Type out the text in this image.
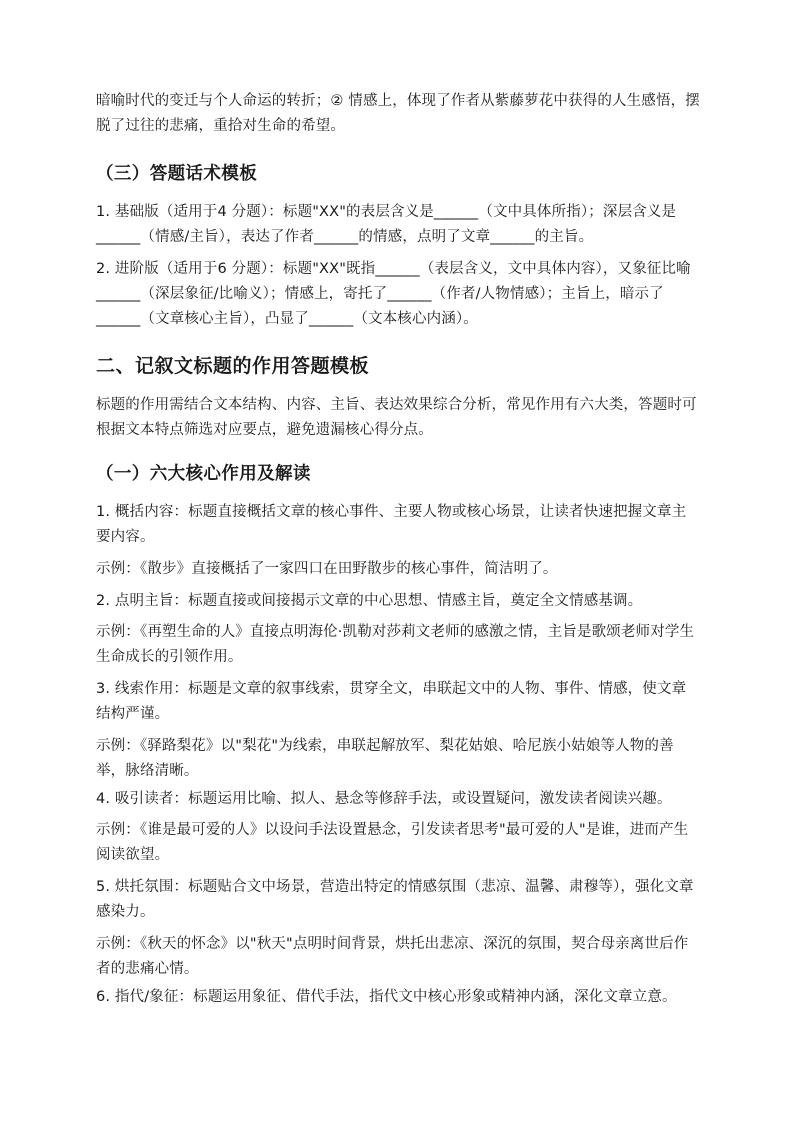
暗喻时代的变迁与个人命运的转折；② 情感上，体现了作者从紫藤萝花中获得的人生感悟，摆脱了过往的悲痛，重拾对生命的希望。

（三）答题话术模板

1. 基础版（适用于4 分题）：标题"XX"的表层含义是______（文中具体所指）；深层含义是______（情感/主旨），表达了作者______的情感，点明了文章______的主旨。

2. 进阶版（适用于6 分题）：标题"XX"既指______（表层含义，文中具体内容），又象征比喻______（深层象征/比喻义）；情感上，寄托了______（作者/人物情感）；主旨上，暗示了______（文章核心主旨），凸显了______（文本核心内涵）。

二、记叙文标题的作用答题模板

标题的作用需结合文本结构、内容、主旨、表达效果综合分析，常见作用有六大类，答题时可根据文本特点筛选对应要点，避免遗漏核心得分点。

（一）六大核心作用及解读

1. 概括内容：标题直接概括文章的核心事件、主要人物或核心场景，让读者快速把握文章主要内容。

示例：《散步》直接概括了一家四口在田野散步的核心事件，简洁明了。

2. 点明主旨：标题直接或间接揭示文章的中心思想、情感主旨，奠定全文情感基调。

示例：《再塑生命的人》直接点明海伦·凯勒对莎莉文老师的感激之情，主旨是歌颂老师对学生生命成长的引领作用。

3. 线索作用：标题是文章的叙事线索，贯穿全文，串联起文中的人物、事件、情感，使文章结构严谨。

示例：《驿路梨花》以"梨花"为线索，串联起解放军、梨花姑娘、哈尼族小姑娘等人物的善举，脉络清晰。

4. 吸引读者：标题运用比喻、拟人、悬念等修辞手法，或设置疑问，激发读者阅读兴趣。

示例：《谁是最可爱的人》以设问手法设置悬念，引发读者思考"最可爱的人"是谁，进而产生阅读欲望。

5. 烘托氛围：标题贴合文中场景，营造出特定的情感氛围（悲凉、温馨、肃穆等），强化文章感染力。

示例：《秋天的怀念》以"秋天"点明时间背景，烘托出悲凉、深沉的氛围，契合母亲离世后作者的悲痛心情。

6. 指代/象征：标题运用象征、借代手法，指代文中核心形象或精神内涵，深化文章立意。
